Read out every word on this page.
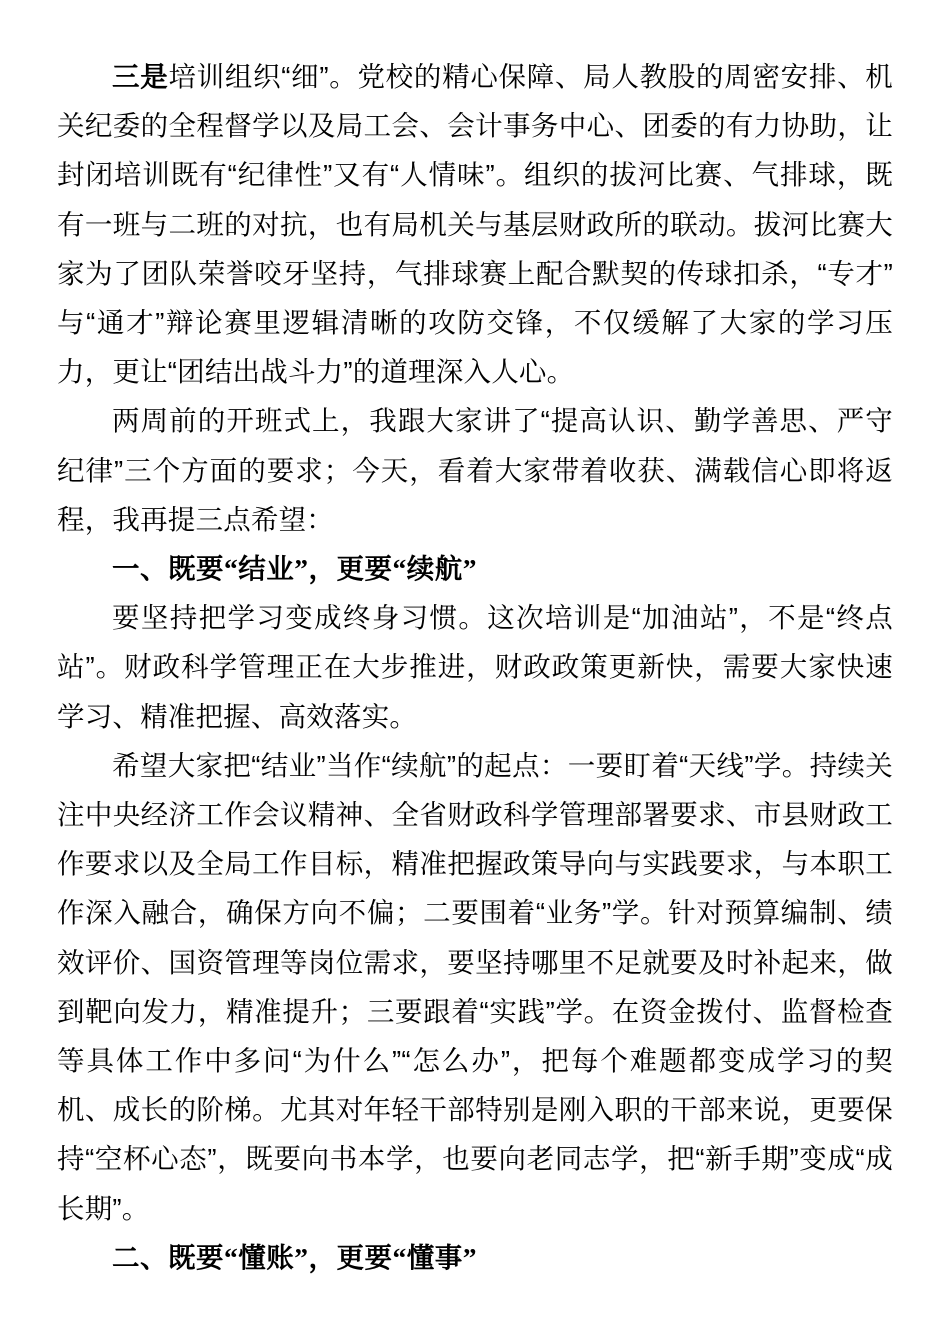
三是培训组织“细”。党校的精心保障、局人教股的周密安排、机关纪委的全程督学以及局工会、会计事务中心、团委的有力协助，让封闭培训既有“纪律性”又有“人情味”。组织的拔河比赛、气排球，既有一班与二班的对抗，也有局机关与基层财政所的联动。拔河比赛大家为了团队荣誉咬牙坚持，气排球赛上配合默契的传球扣杀，“专才”与“通才”辩论赛里逻辑清晰的攻防交锋，不仅缓解了大家的学习压力，更让“团结出战斗力”的道理深入人心。

两周前的开班式上，我跟大家讲了“提高认识、勤学善思、严守纪律”三个方面的要求；今天，看着大家带着收获、满载信心即将返程，我再提三点希望：

一、既要“结业”，更要“续航”

要坚持把学习变成终身习惯。这次培训是“加油站”，不是“终点站”。财政科学管理正在大步推进，财政政策更新快，需要大家快速学习、精准把握、高效落实。

希望大家把“结业”当作“续航”的起点：一要盯着“天线”学。持续关注中央经济工作会议精神、全省财政科学管理部署要求、市县财政工作要求以及全局工作目标，精准把握政策导向与实践要求，与本职工作深入融合，确保方向不偏；二要围着“业务”学。针对预算编制、绩效评价、国资管理等岗位需求，要坚持哪里不足就要及时补起来，做到靶向发力，精准提升；三要跟着“实践”学。在资金拨付、监督检查等具体工作中多问“为什么”“怎么办”，把每个难题都变成学习的契机、成长的阶梯。尤其对年轻干部特别是刚入职的干部来说，更要保持“空杯心态”，既要向书本学，也要向老同志学，把“新手期”变成“成长期”。

二、既要“懂账”，更要“懂事”
